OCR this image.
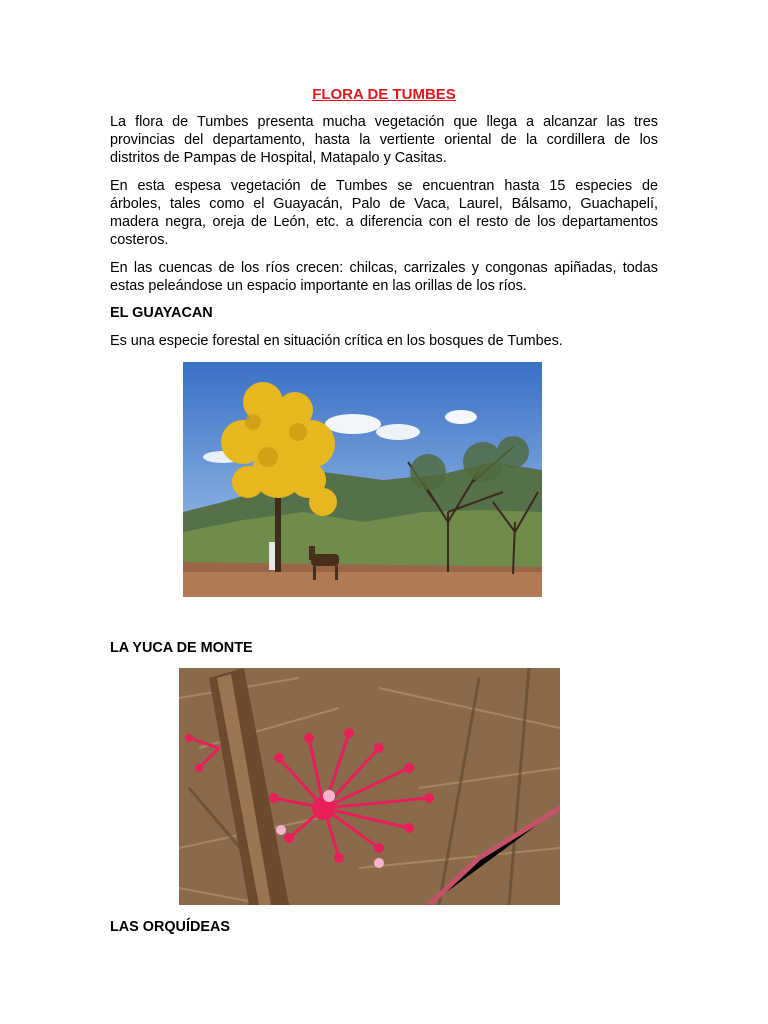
FLORA DE TUMBES
La flora de Tumbes presenta mucha vegetación que llega a alcanzar las tres
provincias del departamento, hasta la vertiente oriental de la cordillera de los
distritos de Pampas de Hospital, Matapalo y Casitas.
En esta espesa vegetación de Tumbes se encuentran hasta 15 especies de
árboles, tales como el Guayacán, Palo de Vaca, Laurel, Bálsamo, Guachapelí,
madera negra, oreja de León, etc. a diferencia con el resto de los departamentos
costeros.
En las cuencas de los ríos crecen: chilcas, carrizales y congonas apiñadas, todas
estas peleándose un espacio importante en las orillas de los ríos.
EL GUAYACAN
Es una especie forestal en situación crítica en los bosques de Tumbes.
LA YUCA DE MONTE
LAS ORQUÍDEAS
